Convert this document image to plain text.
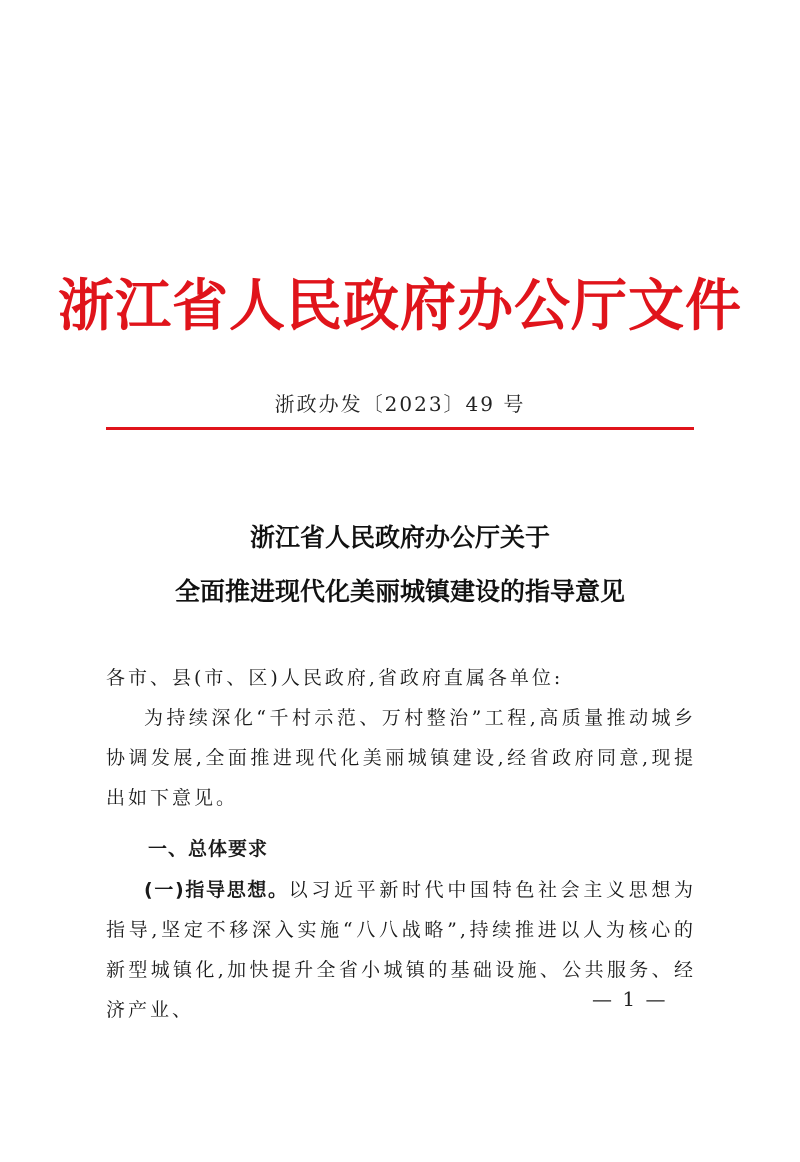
浙江省人民政府办公厅文件
浙政办发〔2023〕49 号
浙江省人民政府办公厅关于
全面推进现代化美丽城镇建设的指导意见
各市、县(市、区)人民政府,省政府直属各单位:
为持续深化“千村示范、万村整治”工程,高质量推动城乡协调发展,全面推进现代化美丽城镇建设,经省政府同意,现提出如下意见。
一、总体要求
(一)指导思想。以习近平新时代中国特色社会主义思想为指导,坚定不移深入实施“八八战略”,持续推进以人为核心的新型城镇化,加快提升全省小城镇的基础设施、公共服务、经济产业、	— 1 —
